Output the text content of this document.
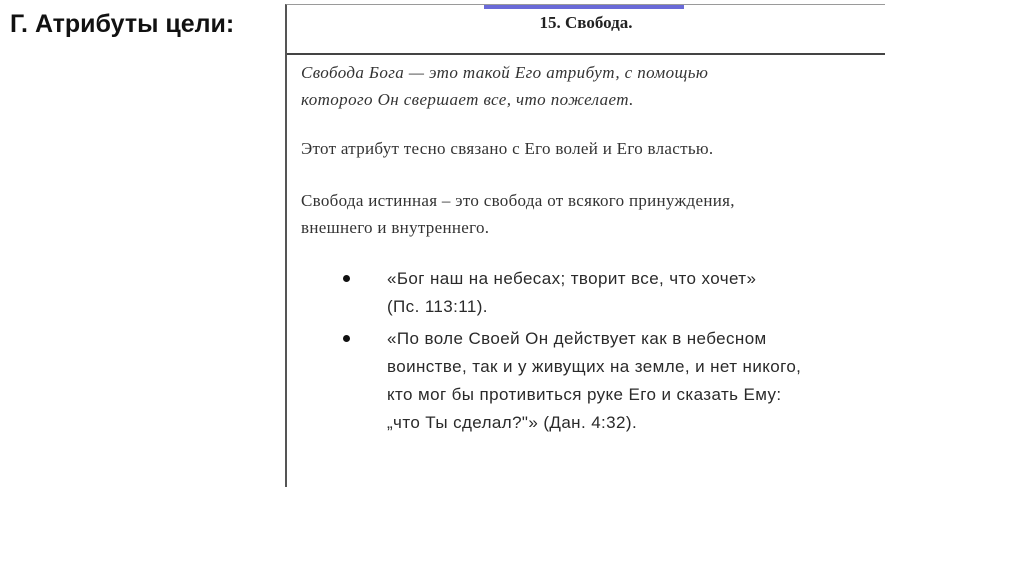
Г. Атрибуты цели:	15. Свобода.
Свобода Бога — это такой Его атрибут, с помощью
которого Он свершает все, что пожелает.
Этот атрибут тесно связано с Его волей и Его властью.
Свобода истинная – это свобода от всякого принуждения,
внешнего и внутреннего.
«Бог наш на небесах; творит все, что хочет»
(Пс. 113:11).
«По воле Своей Он действует как в небесном
воинстве, так и у живущих на земле, и нет никого,
кто мог бы противиться руке Его и сказать Ему:
„что Ты сделал?"» (Дан. 4:32).
